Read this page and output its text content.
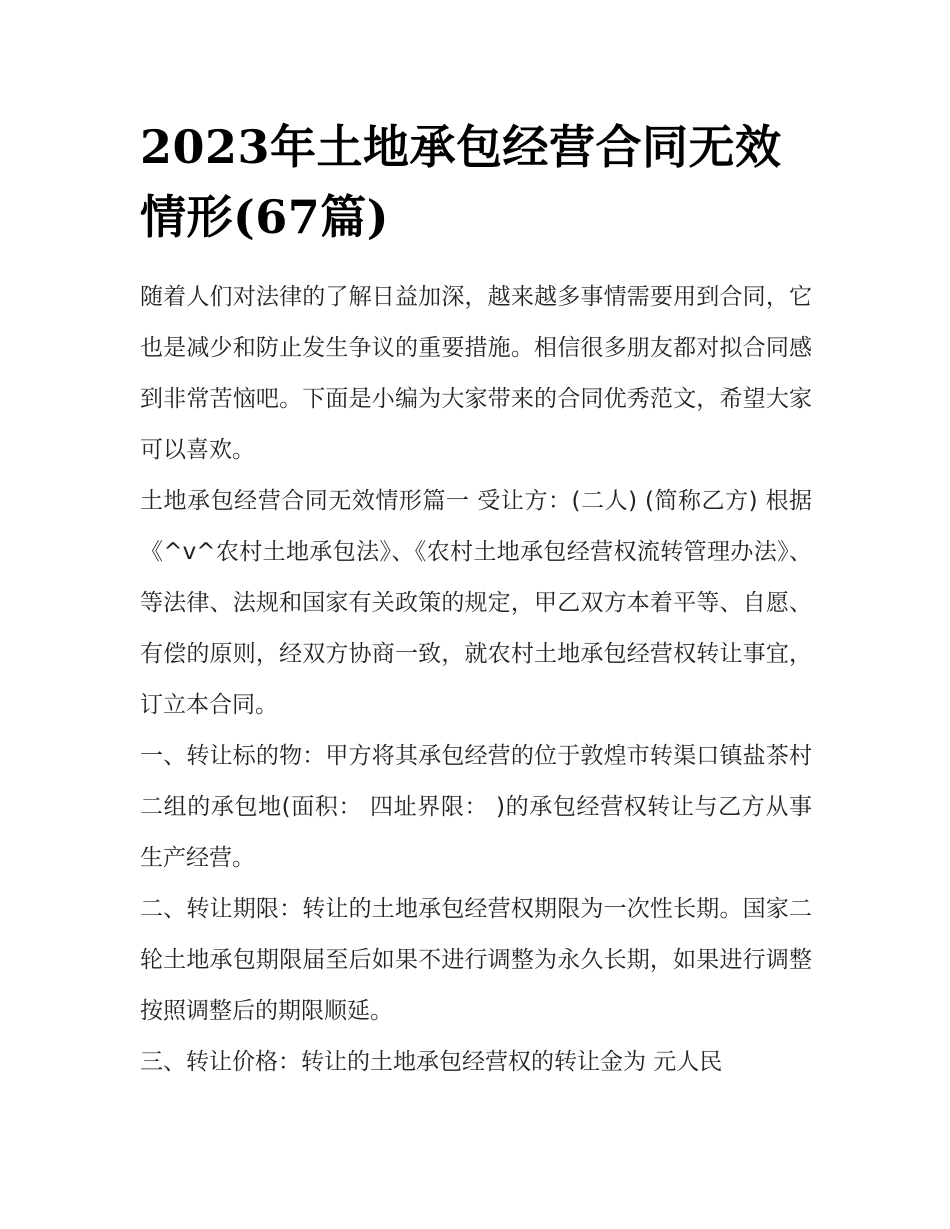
2023年土地承包经营合同无效情形(67篇)

随着人们对法律的了解日益加深，越来越多事情需要用到合同，它也是减少和防止发生争议的重要措施。相信很多朋友都对拟合同感到非常苦恼吧。下面是小编为大家带来的合同优秀范文，希望大家可以喜欢。

土地承包经营合同无效情形篇一 受让方：(二人) (简称乙方) 根据《^v^农村土地承包法》、《农村土地承包经营权流转管理办法》、等法律、法规和国家有关政策的规定，甲乙双方本着平等、自愿、有偿的原则，经双方协商一致，就农村土地承包经营权转让事宜，订立本合同。

一、转让标的物：甲方将其承包经营的位于敦煌市转渠口镇盐茶村二组的承包地(面积： 四址界限： )的承包经营权转让与乙方从事生产经营。

二、转让期限：转让的土地承包经营权期限为一次性长期。国家二轮土地承包期限届至后如果不进行调整为永久长期，如果进行调整按照调整后的期限顺延。

三、转让价格：转让的土地承包经营权的转让金为 元人民
